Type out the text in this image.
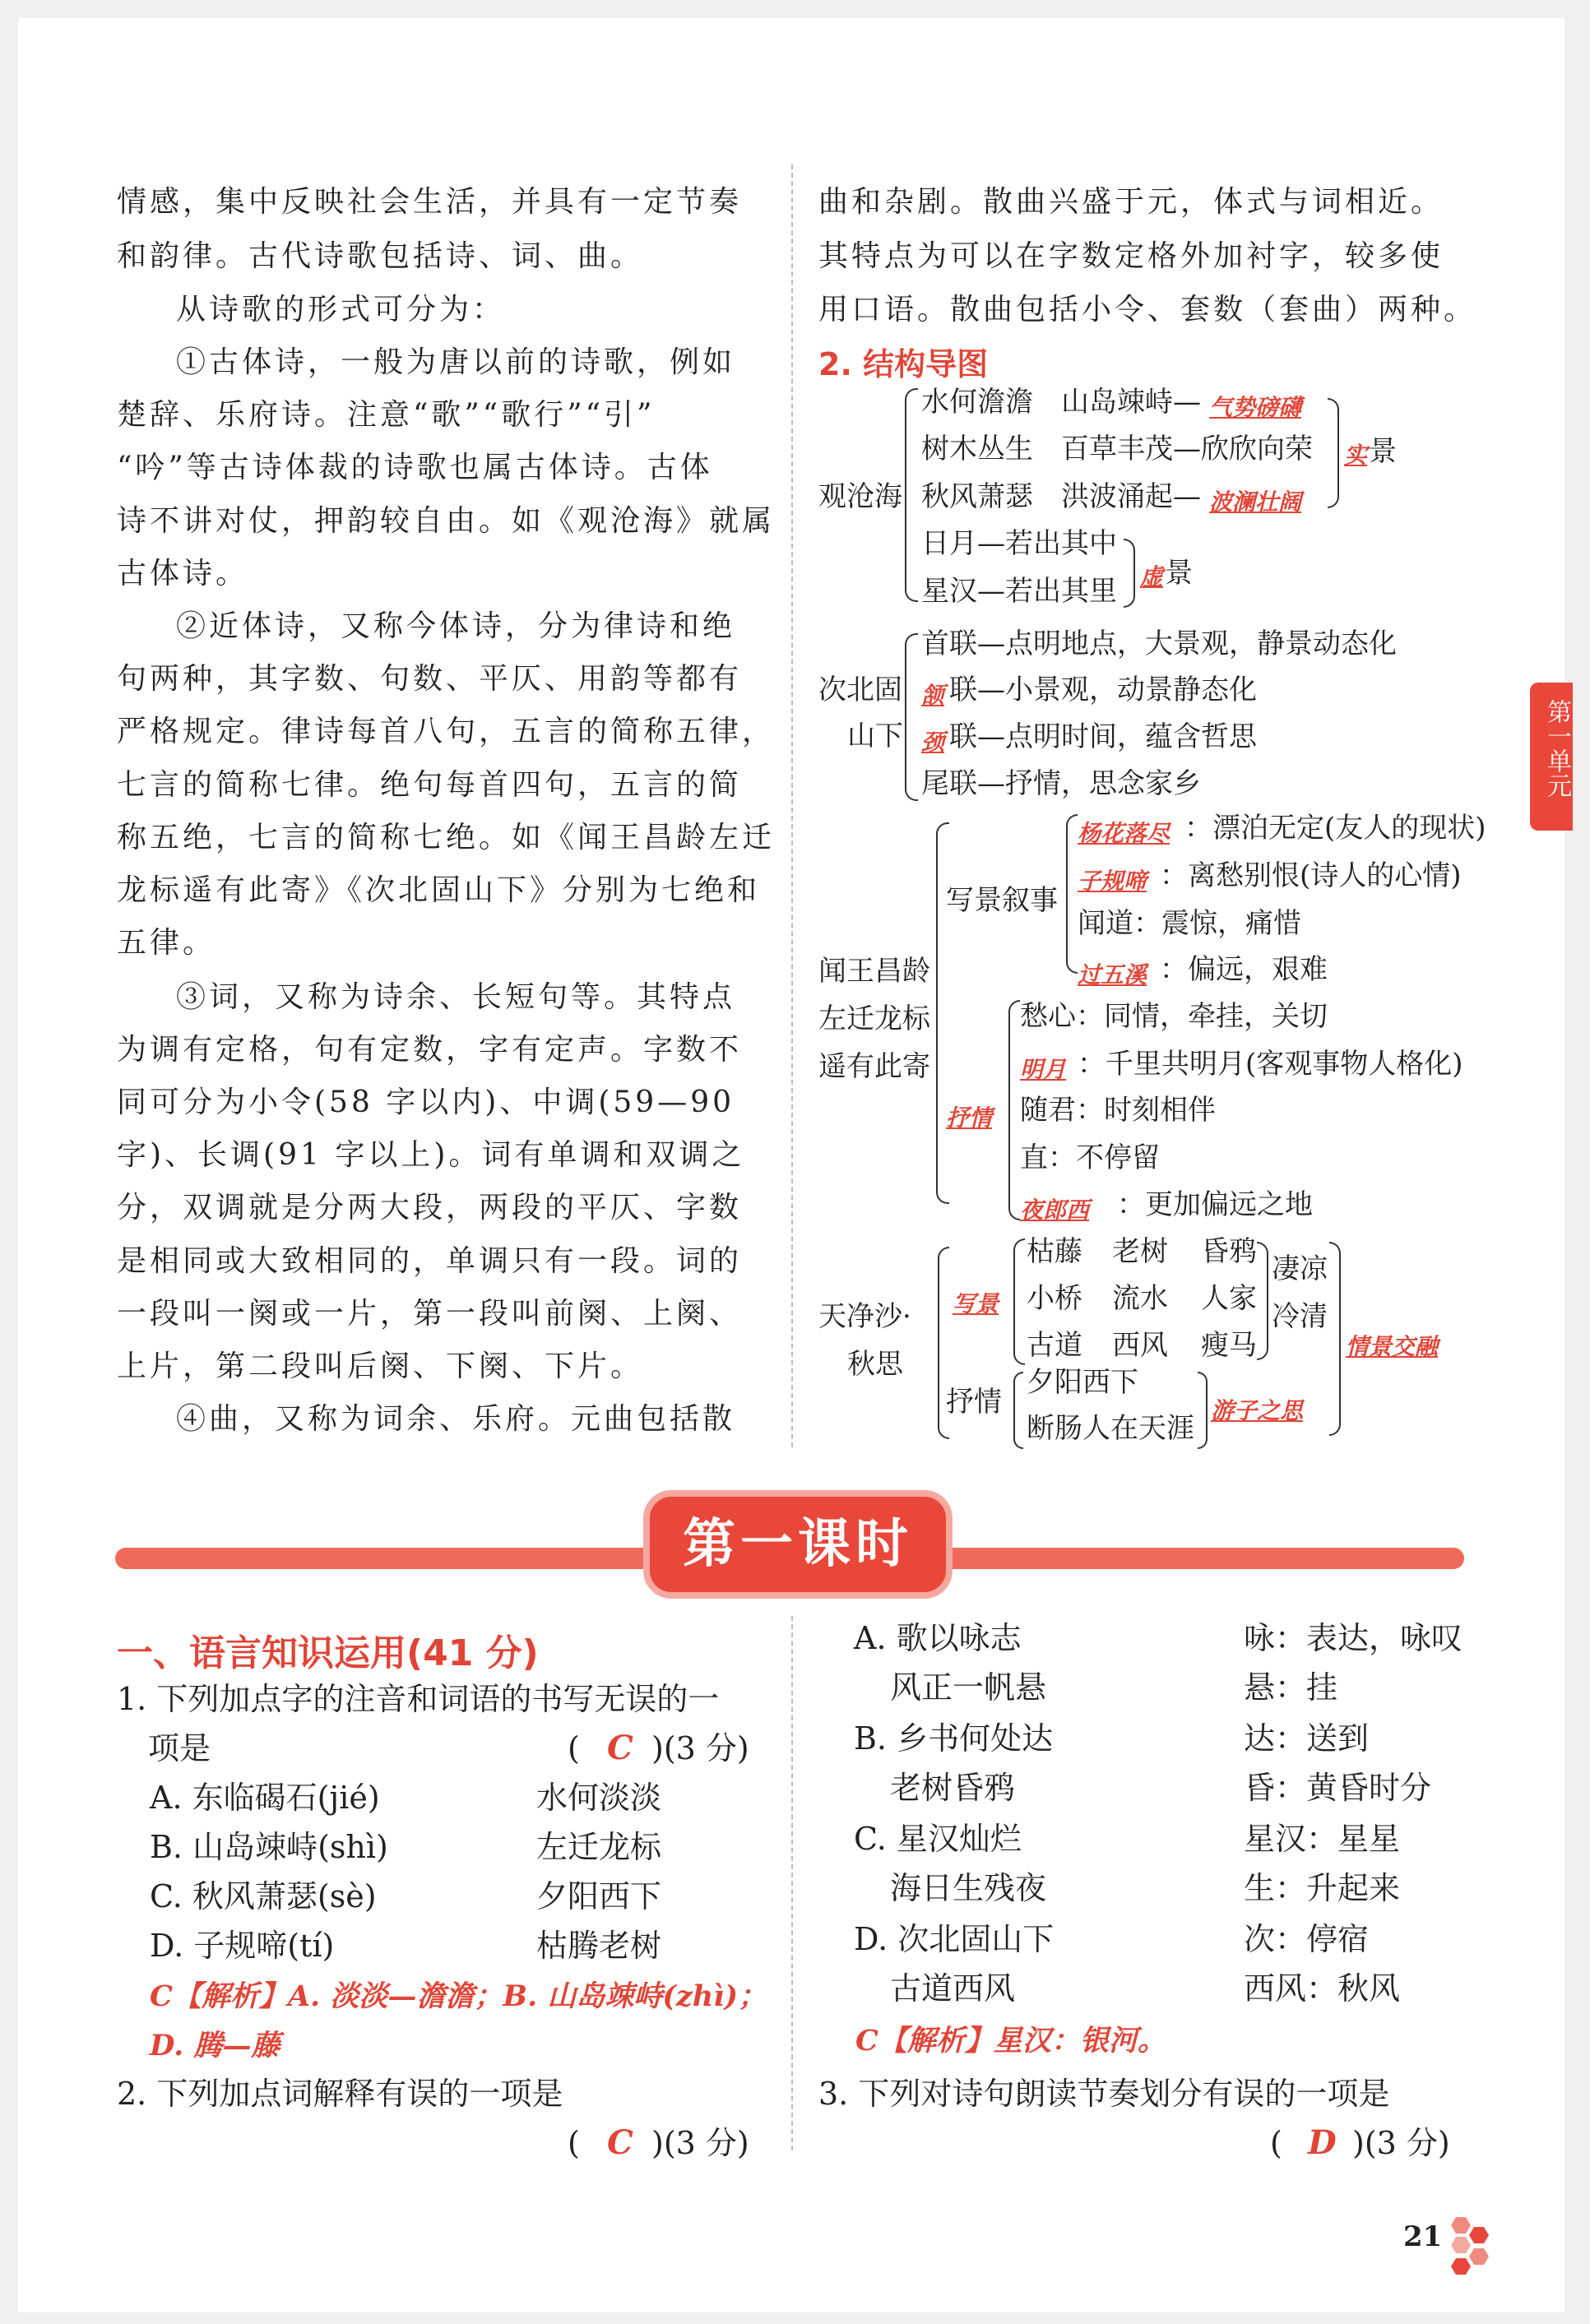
情感，集中反映社会生活，并具有一定节奏
和韵律。古代诗歌包括诗、词、曲。
从诗歌的形式可分为：
①古体诗，一般为唐以前的诗歌，例如
楚辞、乐府诗。注意“歌”“歌行”“引”
“吟”等古诗体裁的诗歌也属古体诗。古体
诗不讲对仗，押韵较自由。如《观沧海》就属
古体诗。
②近体诗，又称今体诗，分为律诗和绝
句两种，其字数、句数、平仄、用韵等都有
严格规定。律诗每首八句，五言的简称五律，
七言的简称七律。绝句每首四句，五言的简
称五绝，七言的简称七绝。如《闻王昌龄左迁
龙标遥有此寄》《次北固山下》分别为七绝和
五律。
③词，又称为诗余、长短句等。其特点
为调有定格，句有定数，字有定声。字数不
同可分为小令(58 字以内)、中调(59—90
字)、长调(91 字以上)。词有单调和双调之
分，双调就是分两大段，两段的平仄、字数
是相同或大致相同的，单调只有一段。词的
一段叫一阕或一片，第一段叫前阕、上阕、
上片，第二段叫后阕、下阕、下片。
④曲，又称为词余、乐府。元曲包括散
曲和杂剧。散曲兴盛于元，体式与词相近。
其特点为可以在字数定格外加衬字，较多使
用口语。散曲包括小令、套数（套曲）两种。
2. 结构导图
观沧海
水何澹澹 山岛竦峙— 气势磅礴
树木丛生 百草丰茂—欣欣向荣
秋风萧瑟 洪波涌起— 波澜壮阔
实 景
日月—若出其中
星汉—若出其里 虚 景
次北固
山下
首联—点明地点，大景观，静景动态化
颔 联—小景观，动景静态化
颈 联—点明时间，蕴含哲思
尾联—抒情，思念家乡
闻王昌龄
左迁龙标
遥有此寄
写景叙事
杨花落尽 ：漂泊无定(友人的现状)
子规啼 ：离愁别恨(诗人的心情)
闻道：震惊，痛惜
过五溪 ：偏远，艰难
抒情
愁心：同情，牵挂，关切
明月 ：千里共明月(客观事物人格化)
随君：时刻相伴
直：不停留
夜郎西 ：更加偏远之地
天净沙·
秋思
写景
枯藤 老树 昏鸦
小桥 流水 人家
古道 西风 瘦马
凄凉
冷清
情景交融
抒情
夕阳西下
断肠人在天涯
游子之思
第一单元
第一课时
一、语言知识运用(41 分)
1. 下列加点字的注音和词语的书写无误的一
项是	( C )(3 分)
A. 东临碣石(jié)	水何淡淡
B. 山岛竦峙(shì)	左迁龙标
C. 秋风萧瑟(sè)	夕阳西下
D. 子规啼(tí)	枯腾老树
C【解析】A. 淡淡—澹澹；B. 山岛竦峙(zhì)；
D. 腾—藤
2. 下列加点词解释有误的一项是
( C )(3 分)
A. 歌以咏志	咏：表达，咏叹
风正一帆悬	悬：挂
B. 乡书何处达	达：送到
老树昏鸦	昏：黄昏时分
C. 星汉灿烂	星汉：星星
海日生残夜	生：升起来
D. 次北固山下	次：停宿
古道西风	西风：秋风
C【解析】星汉：银河。
3. 下列对诗句朗读节奏划分有误的一项是
( D )(3 分)
21
